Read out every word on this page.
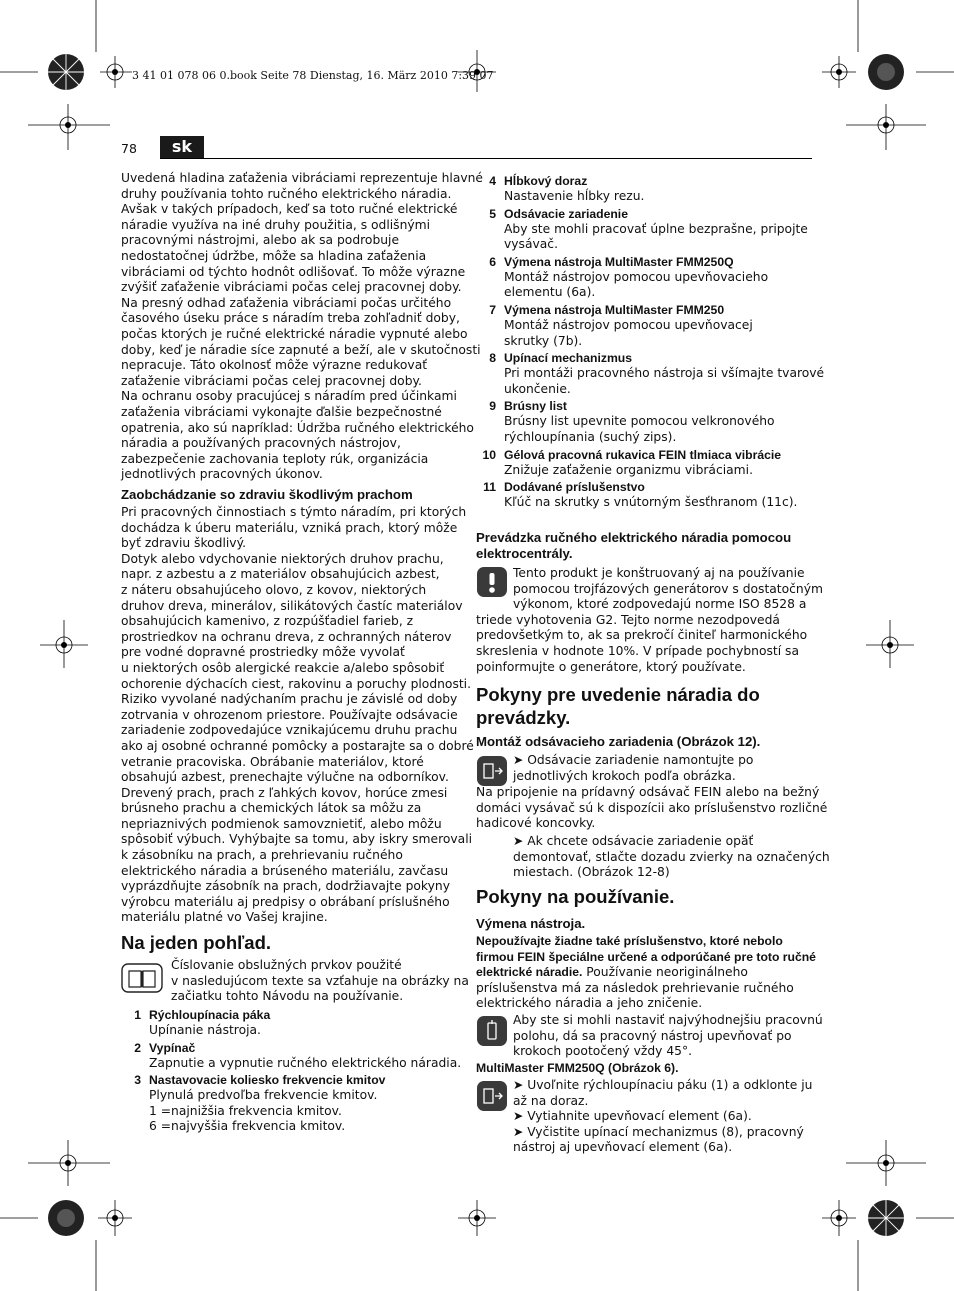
3 41 01 078 06 0.book Seite 78 Dienstag, 16. März 2010 7:39 07
78	sk
Uvedená hladina zaťaženia vibráciami reprezentuje hlavné
druhy používania tohto ručného elektrického náradia.
Avšak v takých prípadoch, keď sa toto ručné elektrické
náradie využíva na iné druhy použitia, s odlišnými
pracovnými nástrojmi, alebo ak sa podrobuje
nedostatočnej údržbe, môže sa hladina zaťaženia
vibráciami od týchto hodnôt odlišovať. To môže výrazne
zvýšiť zaťaženie vibráciami počas celej pracovnej doby.
Na presný odhad zaťaženia vibráciami počas určitého
časového úseku práce s náradím treba zohľadniť doby,
počas ktorých je ručné elektrické náradie vypnuté alebo
doby, keď je náradie síce zapnuté a beží, ale v skutočnosti
nepracuje. Táto okolnosť môže výrazne redukovať
zaťaženie vibráciami počas celej pracovnej doby.
Na ochranu osoby pracujúcej s náradím pred účinkami
zaťaženia vibráciami vykonajte ďalšie bezpečnostné
opatrenia, ako sú napríklad: Údržba ručného elektrického
náradia a používaných pracovných nástrojov,
zabezpečenie zachovania teploty rúk, organizácia
jednotlivých pracovných úkonov.
Zaobchádzanie so zdraviu škodlivým prachom
Pri pracovných činnostiach s týmto náradím, pri ktorých
dochádza k úberu materiálu, vzniká prach, ktorý môže
byť zdraviu škodlivý.
Dotyk alebo vdychovanie niektorých druhov prachu,
napr. z azbestu a z materiálov obsahujúcich azbest,
z náteru obsahujúceho olovo, z kovov, niektorých
druhov dreva, minerálov, silikátových častíc materiálov
obsahujúcich kamenivo, z rozpúšťadiel farieb, z
prostriedkov na ochranu dreva, z ochranných náterov
pre vodné dopravné prostriedky môže vyvolať
u niektorých osôb alergické reakcie a/alebo spôsobiť
ochorenie dýchacích ciest, rakovinu a poruchy plodnosti.
Riziko vyvolané nadýchaním prachu je závislé od doby
zotrvania v ohrozenom priestore. Používajte odsávacie
zariadenie zodpovedajúce vznikajúcemu druhu prachu
ako aj osobné ochranné pomôcky a postarajte sa o dobré
vetranie pracoviska. Obrábanie materiálov, ktoré
obsahujú azbest, prenechajte výlučne na odborníkov.
Drevený prach, prach z ľahkých kovov, horúce zmesi
brúsneho prachu a chemických látok sa môžu za
nepriaznivých podmienok samovznietiť, alebo môžu
spôsobiť výbuch. Vyhýbajte sa tomu, aby iskry smerovali
k zásobníku na prach, a prehrievaniu ručného
elektrického náradia a brúseného materiálu, zavčasu
vyprázdňujte zásobník na prach, dodržiavajte pokyny
výrobcu materiálu aj predpisy o obrábaní príslušného
materiálu platné vo Vašej krajine.
Na jeden pohľad.
Číslovanie obslužných prvkov použité
v nasledujúcom texte sa vzťahuje na obrázky na
začiatku tohto Návodu na používanie.
1 Rýchloupínacia páka
Upínanie nástroja.
2 Vypínač
Zapnutie a vypnutie ručného elektrického náradia.
3 Nastavovacie koliesko frekvencie kmitov
Plynulá predvoľba frekvencie kmitov.
1 =najnižšia frekvencia kmitov.
6 =najvyššia frekvencia kmitov.
4 Hĺbkový doraz
Nastavenie hĺbky rezu.
5 Odsávacie zariadenie
Aby ste mohli pracovať úplne bezprašne, pripojte
vysávač.
6 Výmena nástroja MultiMaster FMM250Q
Montáž nástrojov pomocou upevňovacieho
elementu (6a).
7 Výmena nástroja MultiMaster FMM250
Montáž nástrojov pomocou upevňovacej
skrutky (7b).
8 Upínací mechanizmus
Pri montáži pracovného nástroja si všímajte tvarové
ukončenie.
9 Brúsny list
Brúsny list upevnite pomocou velkronového
rýchloupínania (suchý zips).
10 Gélová pracovná rukavica FEIN tlmiaca vibrácie
Znižuje zaťaženie organizmu vibráciami.
11 Dodávané príslušenstvo
Kľúč na skrutky s vnútorným šesťhranom (11c).
Prevádzka ručného elektrického náradia pomocou
elektrocentrály.
Tento produkt je konštruovaný aj na používanie
pomocou trojfázových generátorov s dostatočným
výkonom, ktoré zodpovedajú norme ISO 8528 a
triede vyhotovenia G2. Tejto norme nezodpovedá
predovšetkým to, ak sa prekročí činiteľ harmonického
skreslenia v hodnote 10%. V prípade pochybností sa
poinformujte o generátore, ktorý používate.
Pokyny pre uvedenie náradia do
prevádzky.
Montáž odsávacieho zariadenia (Obrázok 12).
➤ Odsávacie zariadenie namontujte po
jednotlivých krokoch podľa obrázka.
Na pripojenie na prídavný odsávač FEIN alebo na bežný
domáci vysávač sú k dispozícii ako príslušenstvo rozličné
hadicové koncovky.
➤ Ak chcete odsávacie zariadenie opäť
demontovať, stlačte dozadu zvierky na označených
miestach. (Obrázok 12-8)
Pokyny na používanie.
Výmena nástroja.
Nepoužívajte žiadne také príslušenstvo, ktoré nebolo
firmou FEIN špeciálne určené a odporúčané pre toto ručné
elektrické náradie. Používanie neoriginálneho
príslušenstva má za následok prehrievanie ručného
elektrického náradia a jeho zničenie.
Aby ste si mohli nastaviť najvýhodnejšiu pracovnú
polohu, dá sa pracovný nástroj upevňovať po
krokoch pootočený vždy 45°.
MultiMaster FMM250Q (Obrázok 6).
➤ Uvoľnite rýchloupínaciu páku (1) a odklonte ju
až na doraz.
➤ Vytiahnite upevňovací element (6a).
➤ Vyčistite upínací mechanizmus (8), pracovný
nástroj aj upevňovací element (6a).
